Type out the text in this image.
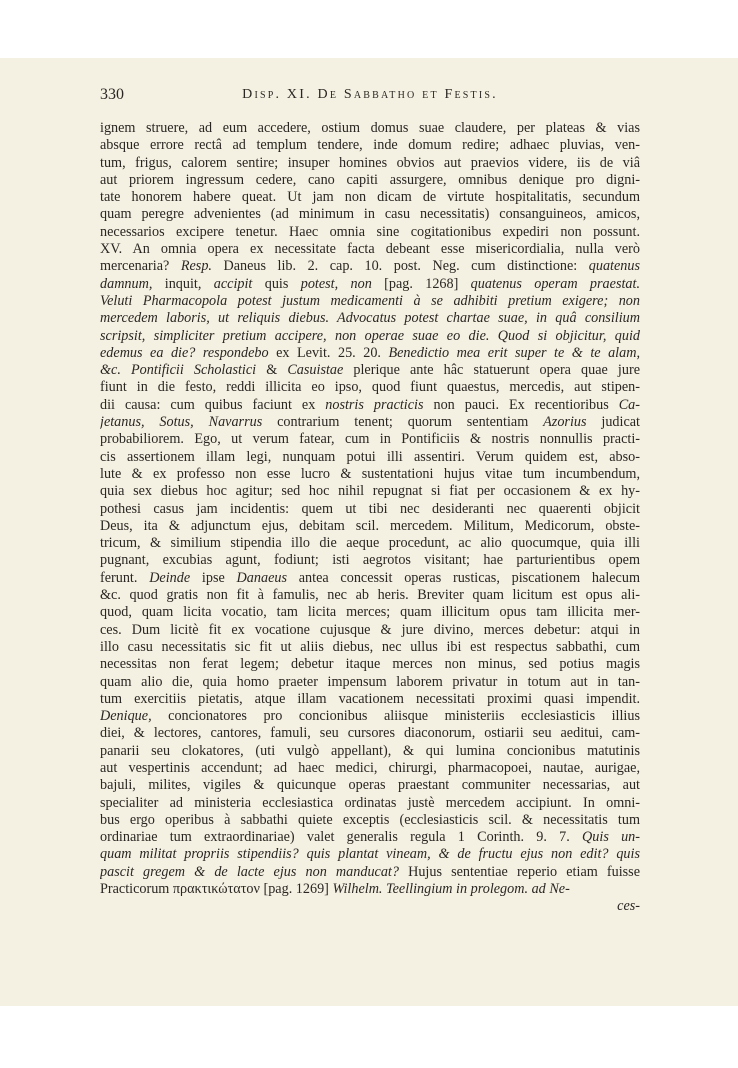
330	Disp. XI. De Sabbatho et Festis.
ignem struere, ad eum accedere, ostium domus suae claudere, per plateas & vias
absque errore rectâ ad templum tendere, inde domum redire; adhaec pluvias, ven-
tum, frigus, calorem sentire; insuper homines obvios aut praevios videre, iis de viâ
aut priorem ingressum cedere, cano capiti assurgere, omnibus denique pro digni-
tate honorem habere queat. Ut jam non dicam de virtute hospitalitatis, secundum
quam peregre advenientes (ad minimum in casu necessitatis) consanguineos, amicos,
necessarios excipere tenetur. Haec omnia sine cogitationibus expediri non possunt.
XV. An omnia opera ex necessitate facta debeant esse misericordialia, nulla verò
mercenaria? Resp. Daneus lib. 2. cap. 10. post. Neg. cum distinctione: quatenus
damnum, inquit, accipit quis potest, non [pag. 1268] quatenus operam praestat.
Veluti Pharmacopola potest justum medicamenti à se adhibiti pretium exigere; non
mercedem laboris, ut reliquis diebus. Advocatus potest chartae suae, in quâ consilium
scripsit, simpliciter pretium accipere, non operae suae eo die. Quod si objicitur, quid
edemus ea die? respondebo ex Levit. 25. 20. Benedictio mea erit super te & te alam,
&c. Pontificii Scholastici & Casuistae plerique ante hâc statuerunt opera quae jure
fiunt in die festo, reddi illicita eo ipso, quod fiunt quaestus, mercedis, aut stipen-
dii causa: cum quibus faciunt ex nostris practicis non pauci. Ex recentioribus Ca-
jetanus, Sotus, Navarrus contrarium tenent; quorum sententiam Azorius judicat
probabiliorem. Ego, ut verum fatear, cum in Pontificiis & nostris nonnullis practi-
cis assertionem illam legi, nunquam potui illi assentiri. Verum quidem est, abso-
lute & ex professo non esse lucro & sustentationi hujus vitae tum incumbendum,
quia sex diebus hoc agitur; sed hoc nihil repugnat si fiat per occasionem & ex hy-
pothesi casus jam incidentis: quem ut tibi nec desideranti nec quaerenti objicit
Deus, ita & adjunctum ejus, debitam scil. mercedem. Militum, Medicorum, obste-
tricum, & similium stipendia illo die aeque procedunt, ac alio quocumque, quia illi
pugnant, excubias agunt, fodiunt; isti aegrotos visitant; hae parturientibus opem
ferunt. Deinde ipse Danaeus antea concessit operas rusticas, piscationem halecum
&c. quod gratis non fit à famulis, nec ab heris. Breviter quam licitum est opus ali-
quod, quam licita vocatio, tam licita merces; quam illicitum opus tam illicita mer-
ces. Dum licitè fit ex vocatione cujusque & jure divino, merces debetur: atqui in
illo casu necessitatis sic fit ut aliis diebus, nec ullus ibi est respectus sabbathi, cum
necessitas non ferat legem; debetur itaque merces non minus, sed potius magis
quam alio die, quia homo praeter impensum laborem privatur in totum aut in tan-
tum exercitiis pietatis, atque illam vacationem necessitati proximi quasi impendit.
Denique, concionatores pro concionibus aliisque ministeriis ecclesiasticis illius
diei, & lectores, cantores, famuli, seu cursores diaconorum, ostiarii seu aeditui, cam-
panarii seu clokatores, (uti vulgò appellant), & qui lumina concionibus matutinis
aut vespertinis accendunt; ad haec medici, chirurgi, pharmacopoei, nautae, aurigae,
bajuli, milites, vigiles & quicunque operas praestant communiter necessarias, aut
specialiter ad ministeria ecclesiastica ordinatas justè mercedem accipiunt. In omni-
bus ergo operibus à sabbathi quiete exceptis (ecclesiasticis scil. & necessitatis tum
ordinariae tum extraordinariae) valet generalis regula 1 Corinth. 9. 7. Quis un-
quam militat propriis stipendiis? quis plantat vineam, & de fructu ejus non edit? quis
pascit gregem & de lacte ejus non manducat? Hujus sententiae reperio etiam fuisse
Practicorum πρακτικώτατον [pag. 1269] Wilhelm. Teellingium in prolegom. ad Ne-
ces-
